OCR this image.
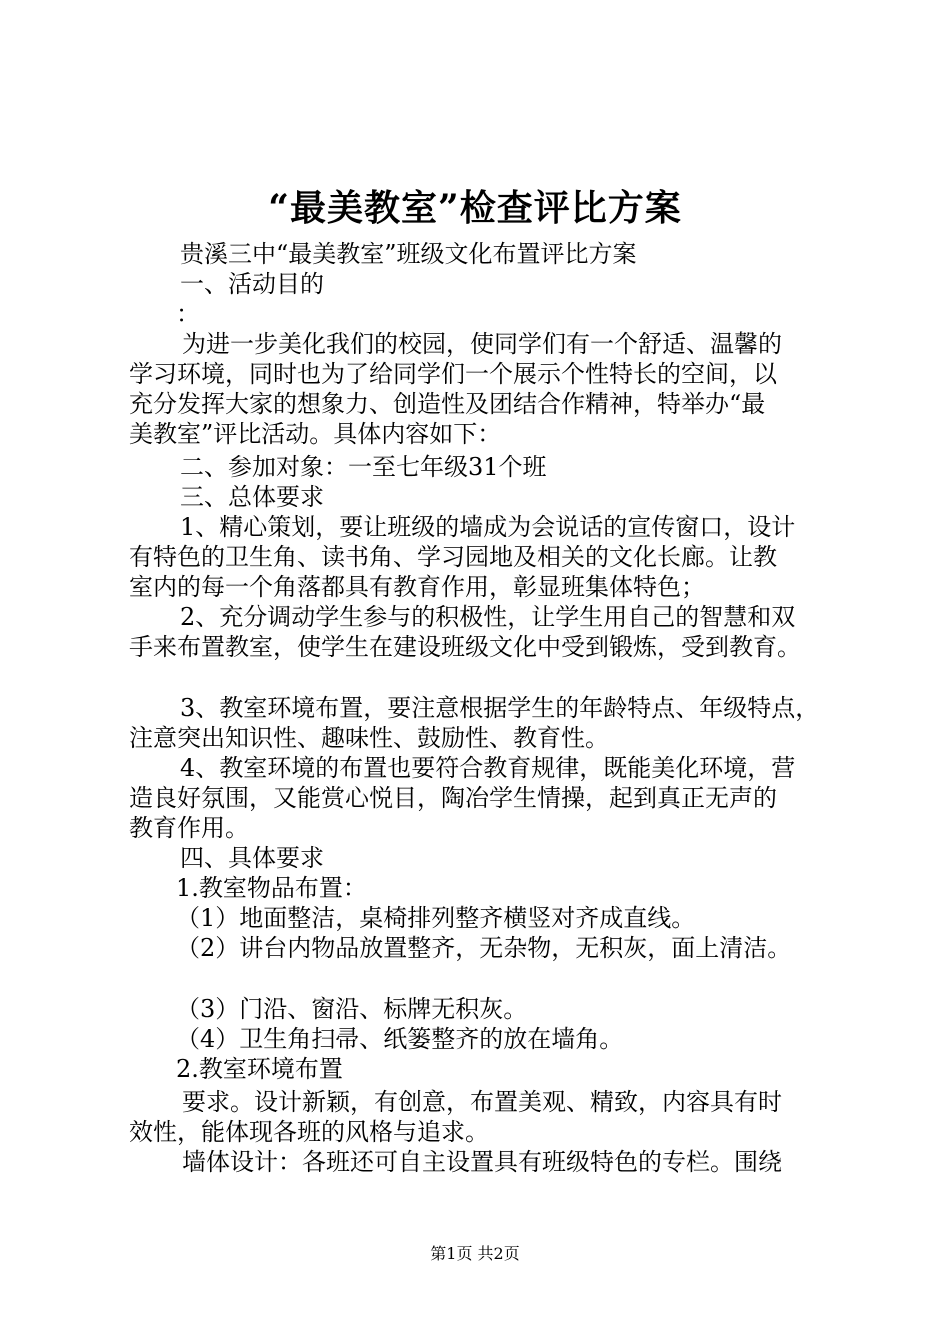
“最美教室”检查评比方案
贵溪三中“最美教室”班级文化布置评比方案
一、活动目的
：
为进一步美化我们的校园，使同学们有一个舒适、温馨的
学习环境，同时也为了给同学们一个展示个性特长的空间，以
充分发挥大家的想象力、创造性及团结合作精神，特举办“最
美教室”评比活动。具体内容如下：
二、参加对象：一至七年级31个班
三、总体要求
1、精心策划，要让班级的墙成为会说话的宣传窗口，设计
有特色的卫生角、读书角、学习园地及相关的文化长廊。让教
室内的每一个角落都具有教育作用，彰显班集体特色；
2、充分调动学生参与的积极性，让学生用自己的智慧和双
手来布置教室，使学生在建设班级文化中受到锻炼，受到教育。
3、教室环境布置，要注意根据学生的年龄特点、年级特点，
注意突出知识性、趣味性、鼓励性、教育性。
4、教室环境的布置也要符合教育规律，既能美化环境，营
造良好氛围，又能赏心悦目，陶冶学生情操，起到真正无声的
教育作用。
四、具体要求
1.教室物品布置：
（1）地面整洁，桌椅排列整齐横竖对齐成直线。
（2）讲台内物品放置整齐，无杂物，无积灰，面上清洁。
（3）门沿、窗沿、标牌无积灰。
（4）卫生角扫帚、纸篓整齐的放在墙角。
2.教室环境布置
要求。设计新颖，有创意，布置美观、精致，内容具有时
效性，能体现各班的风格与追求。
墙体设计：各班还可自主设置具有班级特色的专栏。围绕
第1页 共2页
